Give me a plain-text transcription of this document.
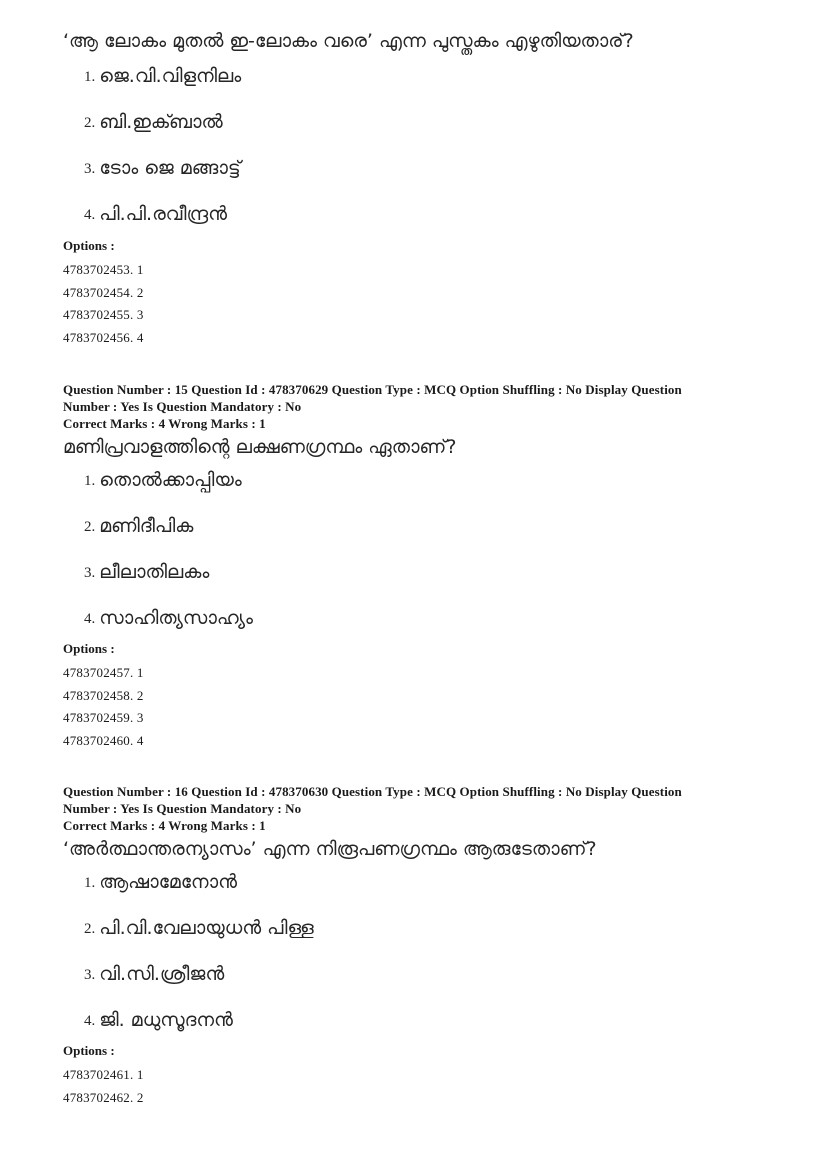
‘ആ ലോകം മുതൽ ഇ-ലോകം വരെ’ എന്ന പുസ്തകം എഴുതിയതാര്?
1. ജെ.വി.വിളനിലം
2. ബി.ഇക്ബാൽ
3. ടോം ജെ മങ്ങാട്ട്
4. പി.പി.രവീന്ദ്രൻ
Options :
4783702453. 1
4783702454. 2
4783702455. 3
4783702456. 4
Question Number : 15 Question Id : 478370629 Question Type : MCQ Option Shuffling : No Display Question
Number : Yes Is Question Mandatory : No
Correct Marks : 4 Wrong Marks : 1
മണിപ്രവാളത്തിന്റെ ലക്ഷണഗ്രന്ഥം ഏതാണ്?
1. തൊൽക്കാപ്പിയം
2. മണിദീപിക
3. ലീലാതിലകം
4. സാഹിത്യസാഹ്യം
Options :
4783702457. 1
4783702458. 2
4783702459. 3
4783702460. 4
Question Number : 16 Question Id : 478370630 Question Type : MCQ Option Shuffling : No Display Question
Number : Yes Is Question Mandatory : No
Correct Marks : 4 Wrong Marks : 1
‘അർത്ഥാന്തരന്യാസം’ എന്ന നിരൂപണഗ്രന്ഥം ആരുടേതാണ്?
1. ആഷാമേനോൻ
2. പി.വി.വേലായുധൻ പിള്ള
3. വി.സി.ശ്രീജൻ
4. ജി. മധുസൂദനൻ
Options :
4783702461. 1
4783702462. 2
